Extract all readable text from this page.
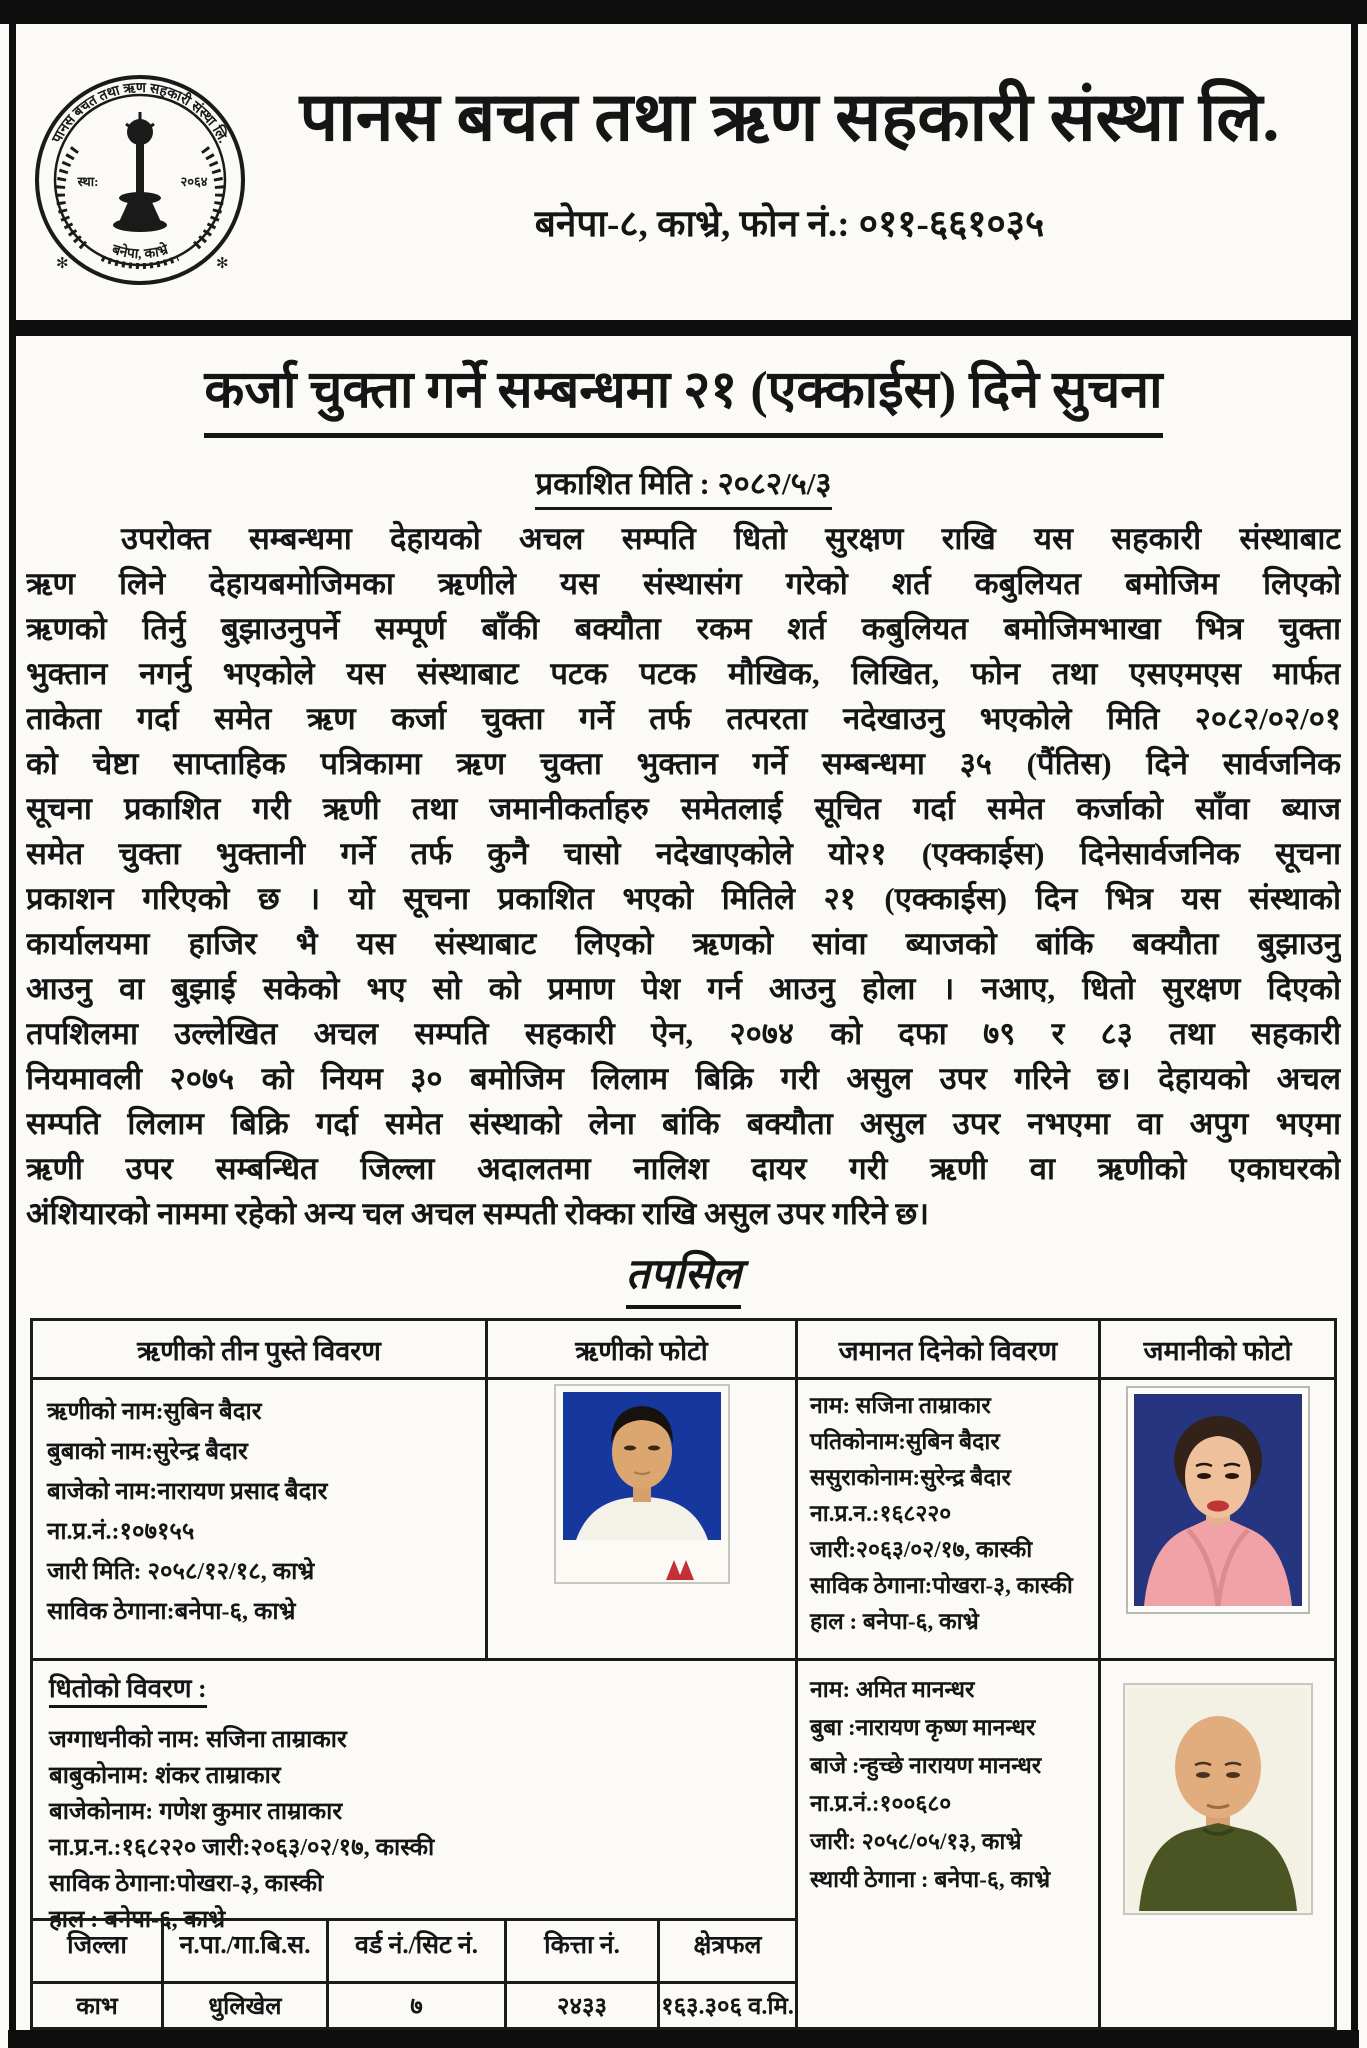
पानस बचत तथा ऋण सहकारी संस्था लि.
बनेपा, काभ्रे
स्था:	२०६४
✻	✻
पानस बचत तथा ऋण सहकारी संस्था लि.
बनेपा-८, काभ्रे, फोन नं.: ०११-६६१०३५
कर्जा चुक्ता गर्ने सम्बन्धमा २१ (एक्काईस) दिने सुचना
प्रकाशित मिति : २०८२/५/३
उपरोक्त सम्बन्धमा देहायको अचल सम्पति धितो सुरक्षण राखि यस सहकारी संस्थाबाट
ऋण लिने देहायबमोजिमका ऋणीले यस संस्थासंग गरेको शर्त कबुलियत बमोजिम लिएको
ऋणको तिर्नु बुझाउनुपर्ने सम्पूर्ण बाँकी बक्यौता रकम शर्त कबुलियत बमोजिमभाखा भित्र चुक्ता
भुक्तान नगर्नु भएकोले यस संस्थाबाट पटक पटक मौखिक, लिखित, फोन तथा एसएमएस मार्फत
ताकेता गर्दा समेत ऋण कर्जा चुक्ता गर्ने तर्फ तत्परता नदेखाउनु भएकोले मिति २०८२/०२/०१
को चेष्टा साप्ताहिक पत्रिकामा ऋण चुक्ता भुक्तान गर्ने सम्बन्धमा ३५ (पैंतिस) दिने सार्वजनिक
सूचना प्रकाशित गरी ऋणी तथा जमानीकर्ताहरु समेतलाई सूचित गर्दा समेत कर्जाको साँवा ब्याज
समेत चुक्ता भुक्तानी गर्ने तर्फ कुनै चासो नदेखाएकोले यो२१ (एक्काईस) दिनेसार्वजनिक सूचना
प्रकाशन गरिएको छ । यो सूचना प्रकाशित भएको मितिले २१ (एक्काईस) दिन भित्र यस संस्थाको
कार्यालयमा हाजिर भै यस संस्थाबाट लिएको ऋणको सांवा ब्याजको बांकि बक्यौता बुझाउनु
आउनु वा बुझाई सकेको भए सो को प्रमाण पेश गर्न आउनु होला । नआए, धितो सुरक्षण दिएको
तपशिलमा उल्लेखित अचल सम्पति सहकारी ऐन, २०७४ को दफा ७९ र ८३ तथा सहकारी
नियमावली २०७५ को नियम ३० बमोजिम लिलाम बिक्रि गरी असुल उपर गरिने छ। देहायको अचल
सम्पति लिलाम बिक्रि गर्दा समेत संस्थाको लेना बांकि बक्यौता असुल उपर नभएमा वा अपुग भएमा
ऋणी उपर सम्बन्धित जिल्ला अदालतमा नालिश दायर गरी ऋणी वा ऋणीको एकाघरको
अंशियारको नाममा रहेको अन्य चल अचल सम्पती रोक्का राखि असुल उपर गरिने छ।
तपसिल
ऋणीको तीन पुस्ते विवरण	ऋणीको फोटो	जमानत दिनेको विवरण	जमानीको फोटो
ऋणीको नाम:सुबिन बैदार
बुबाको नाम:सुरेन्द्र बैदार
बाजेको नाम:नारायण प्रसाद बैदार
ना.प्र.नं.:१०७१५५
जारी मिति: २०५८/१२/१८, काभ्रे
साविक ठेगाना:बनेपा-६, काभ्रे
नाम: सजिना ताम्राकार
पतिकोनाम:सुबिन बैदार
ससुराकोनाम:सुरेन्द्र बैदार
ना.प्र.न.:१६८२२०
जारी:२०६३/०२/१७, कास्की
साविक ठेगाना:पोखरा-३, कास्की
हाल : बनेपा-६, काभ्रे
धितोको विवरण :
जग्गाधनीको नाम: सजिना ताम्राकार
बाबुकोनाम: शंकर ताम्राकार
बाजेकोनाम: गणेश कुमार ताम्राकार
ना.प्र.न.:१६८२२० जारी:२०६३/०२/१७, कास्की
साविक ठेगाना:पोखरा-३, कास्की
हाल : बनेपा-६, काभ्रे
नाम: अमित मानन्धर
बुबा :नारायण कृष्ण मानन्धर
बाजे :न्हुच्छे नारायण मानन्धर
ना.प्र.नं.:१००६८०
जारी: २०५८/०५/१३, काभ्रे
स्थायी ठेगाना : बनेपा-६, काभ्रे
जिल्ला	न.पा./गा.बि.स.	वर्ड नं./सिट नं.	कित्ता नं.	क्षेत्रफल
काभ	धुलिखेल	७	२४३३	१६३.३०६ व.मि.
